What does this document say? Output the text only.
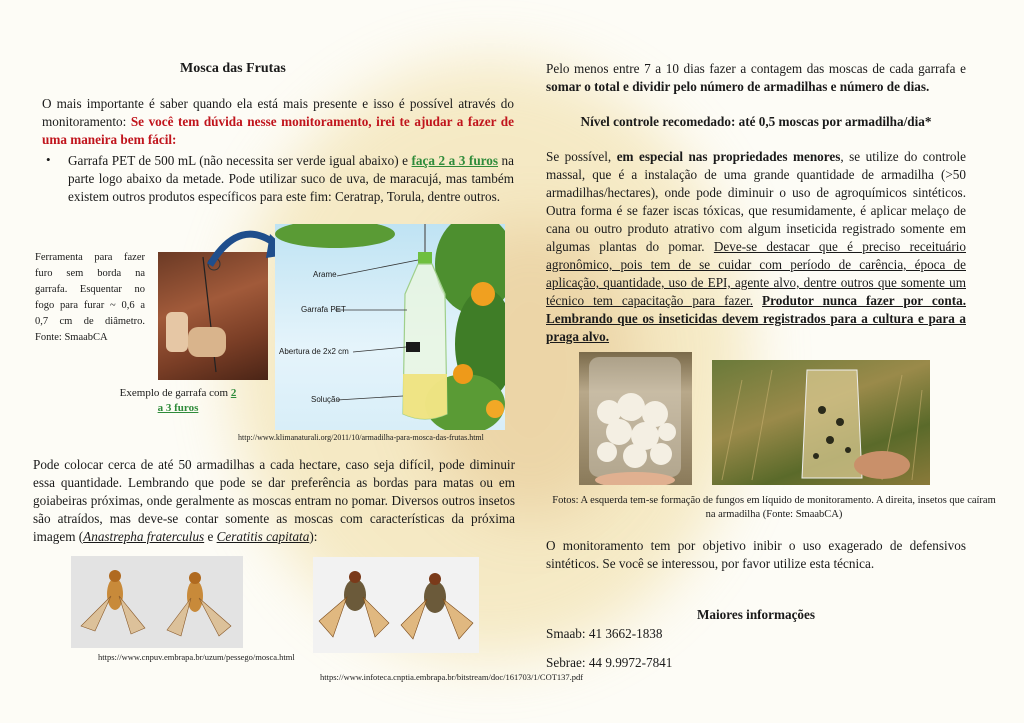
Mosca das Frutas

O mais importante é saber quando ela está mais presente e isso é possível através do monitoramento: Se você tem dúvida nesse monitoramento, irei te ajudar a fazer de uma maneira bem fácil:

• Garrafa PET de 500 mL (não necessita ser verde igual abaixo) e faça 2 a 3 furos na parte logo abaixo da metade. Pode utilizar suco de uva, de maracujá, mas também existem outros produtos específicos para este fim: Ceratrap, Torula, dentre outros.

Ferramenta para fazer furo sem borda na garrafa. Esquentar no fogo para furar ~ 0,6 a 0,7 cm de diâmetro. Fonte: SmaabCA

Exemplo de garrafa com 2 a 3 furos

Arame
Garrafa PET
Abertura de 2x2 cm
Solução
http://www.klimanaturali.org/2011/10/armadilha-para-mosca-das-frutas.html

Pode colocar cerca de até 50 armadilhas a cada hectare, caso seja difícil, pode diminuir essa quantidade. Lembrando que pode se dar preferência as bordas para matas ou em goiabeiras próximas, onde geralmente as moscas entram no pomar. Diversos outros insetos são atraídos, mas deve-se contar somente as moscas com características da próxima imagem (Anastrepha fraterculus e Ceratitis capitata):

https://www.cnpuv.embrapa.br/uzum/pessego/mosca.html
https://www.infoteca.cnptia.embrapa.br/bitstream/doc/161703/1/COT137.pdf

Pelo menos entre 7 a 10 dias fazer a contagem das moscas de cada garrafa e somar o total e dividir pelo número de armadilhas e número de dias.

Nível controle recomedado: até 0,5 moscas por armadilha/dia*

Se possível, em especial nas propriedades menores, se utilize do controle massal, que é a instalação de uma grande quantidade de armadilha (>50 armadilhas/hectares), onde pode diminuir o uso de agroquímicos sintéticos. Outra forma é se fazer iscas tóxicas, que resumidamente, é aplicar melaço de cana ou outro produto atrativo com algum inseticida registrado somente em algumas plantas do pomar. Deve-se destacar que é preciso receituário agronômico, pois tem de se cuidar com período de carência, época de aplicação, quantidade, uso de EPI, agente alvo, dentre outros que somente um técnico tem capacitação para fazer. Produtor nunca fazer por conta. Lembrando que os inseticidas devem registrados para a cultura e para a praga alvo.

Fotos: A esquerda tem-se formação de fungos em líquido de monitoramento. A direita, insetos que caíram na armadilha (Fonte: SmaabCA)

O monitoramento tem por objetivo inibir o uso exagerado de defensivos sintéticos. Se você se interessou, por favor utilize esta técnica.

Maiores informações
Smaab: 41 3662-1838
Sebrae: 44 9.9972-7841
